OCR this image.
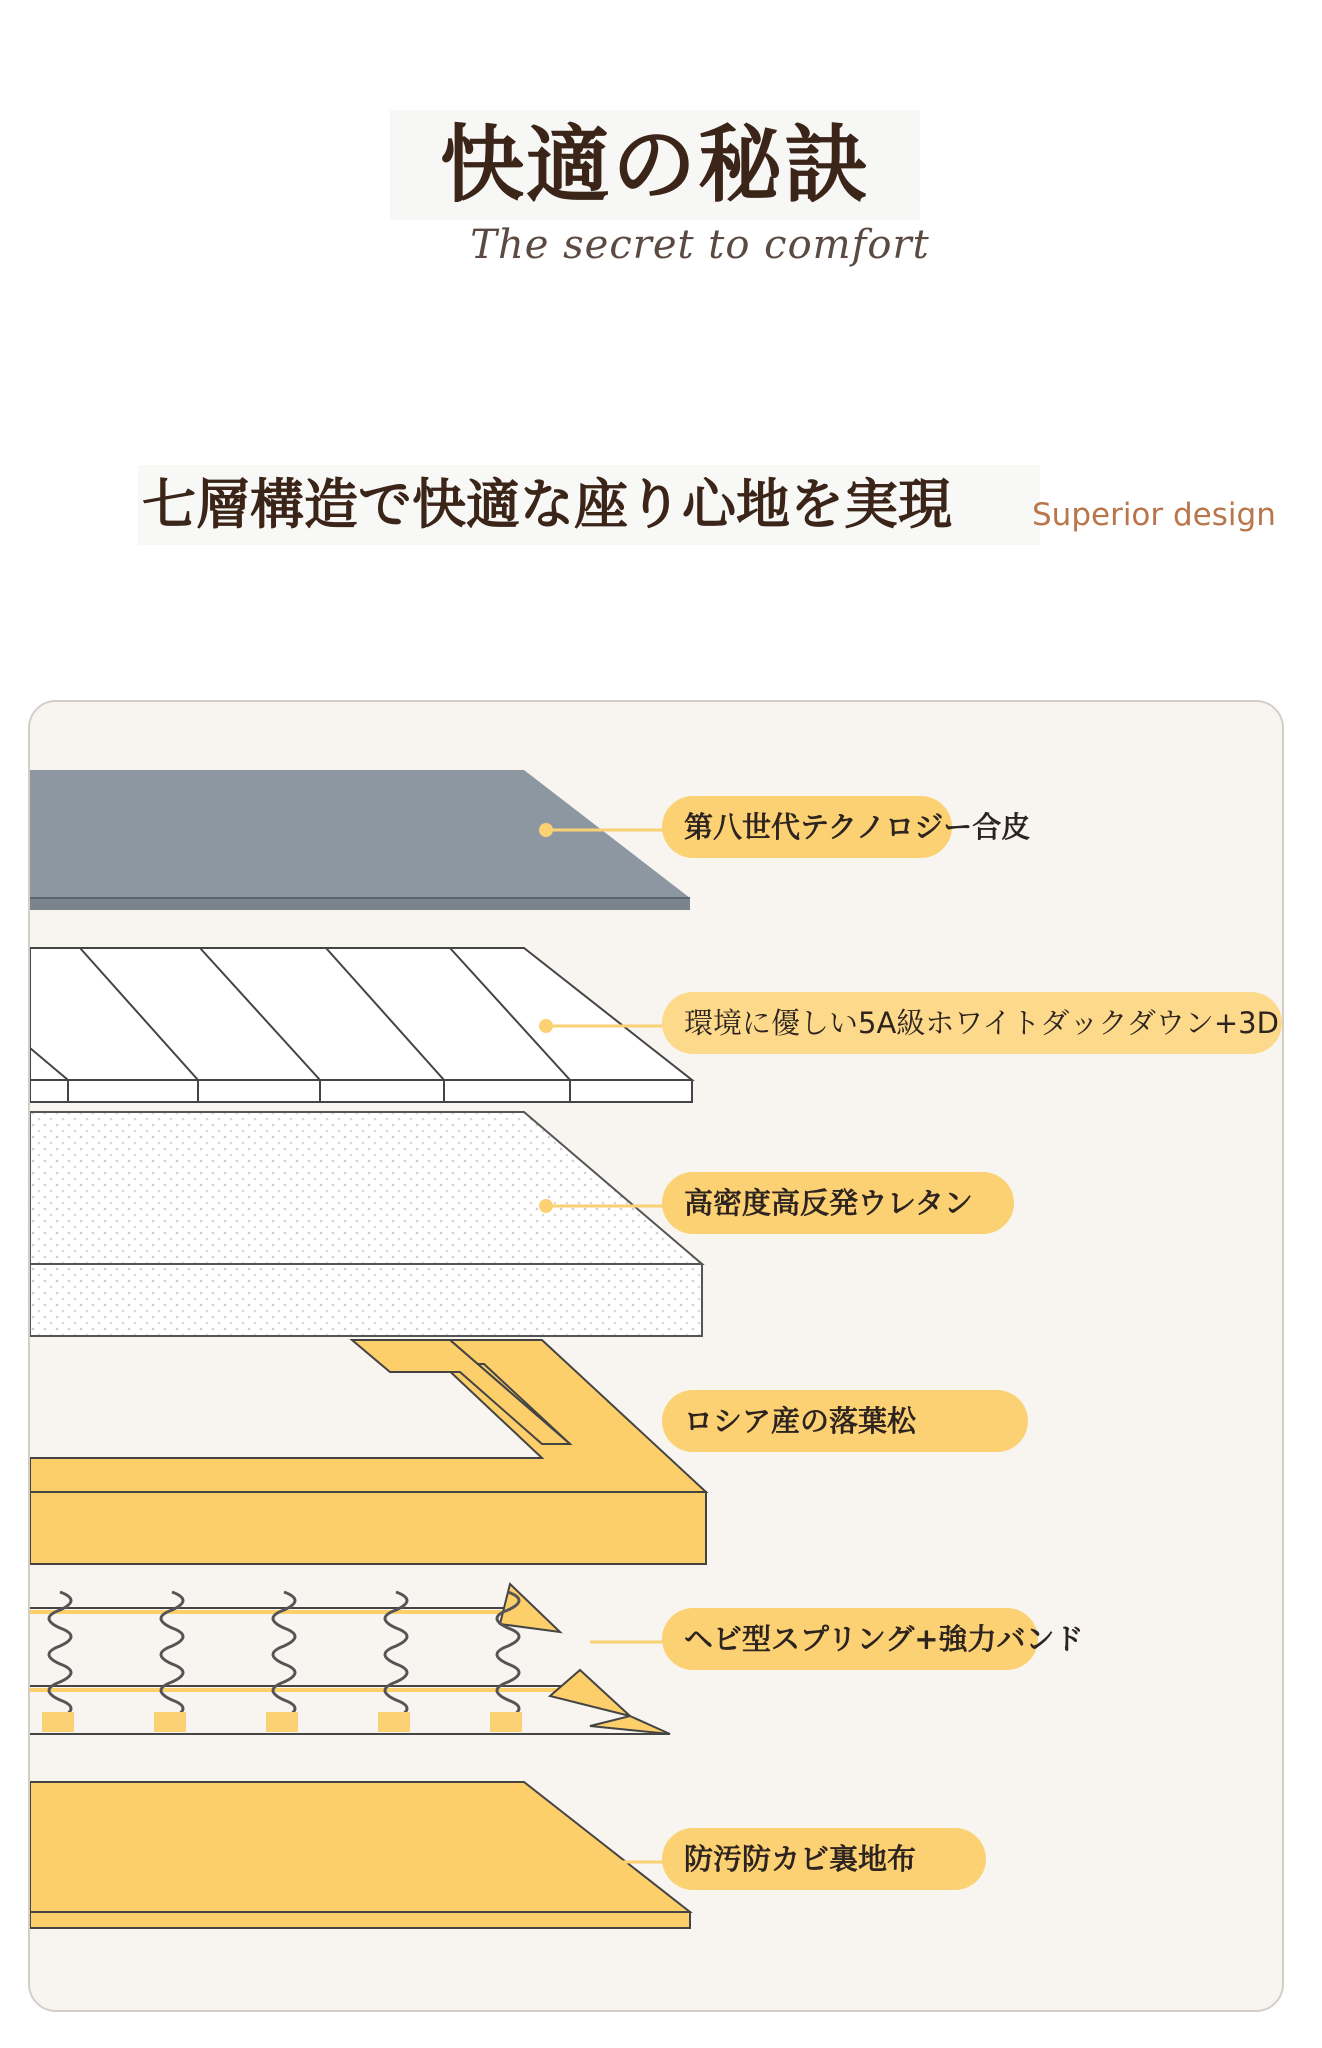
快適の秘訣
The secret to comfort
七層構造で快適な座り心地を実現	Superior design
第八世代テクノロジー合皮
環境に優しい5A級ホワイトダックダウン+3D
高密度高反発ウレタン
ロシア産の落葉松
ヘビ型スプリング+強力バンド
防汚防カビ裏地布
